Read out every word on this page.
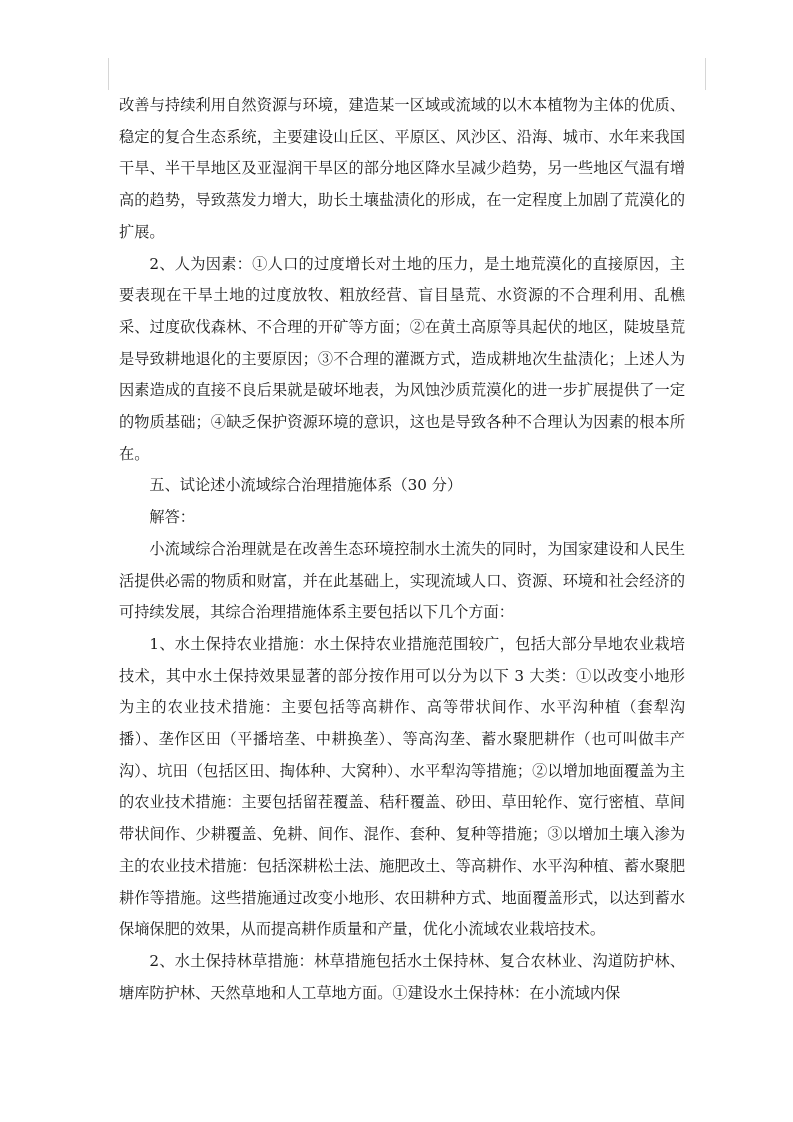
改善与持续利用自然资源与环境，建造某一区域或流域的以木本植物为主体的优质、稳定的复合生态系统，主要建设山丘区、平原区、风沙区、沿海、城市、水年来我国干旱、半干旱地区及亚湿润干旱区的部分地区降水呈减少趋势，另一些地区气温有增高的趋势，导致蒸发力增大，助长土壤盐渍化的形成，在一定程度上加剧了荒漠化的扩展。

2、人为因素：①人口的过度增长对土地的压力，是土地荒漠化的直接原因，主要表现在干旱土地的过度放牧、粗放经营、盲目垦荒、水资源的不合理利用、乱樵采、过度砍伐森林、不合理的开矿等方面；②在黄土高原等具起伏的地区，陡坡垦荒是导致耕地退化的主要原因；③不合理的灌溉方式，造成耕地次生盐渍化；上述人为因素造成的直接不良后果就是破坏地表，为风蚀沙质荒漠化的进一步扩展提供了一定的物质基础；④缺乏保护资源环境的意识，这也是导致各种不合理认为因素的根本所在。

五、试论述小流域综合治理措施体系（30 分）

解答：

小流域综合治理就是在改善生态环境控制水土流失的同时，为国家建设和人民生活提供必需的物质和财富，并在此基础上，实现流域人口、资源、环境和社会经济的可持续发展，其综合治理措施体系主要包括以下几个方面：

1、水土保持农业措施：水土保持农业措施范围较广，包括大部分旱地农业栽培技术，其中水土保持效果显著的部分按作用可以分为以下 3 大类：①以改变小地形为主的农业技术措施：主要包括等高耕作、高等带状间作、水平沟种植（套犁沟播）、垄作区田（平播培垄、中耕换垄）、等高沟垄、蓄水聚肥耕作（也可叫做丰产沟）、坑田（包括区田、掏体种、大窝种）、水平犁沟等措施；②以增加地面覆盖为主的农业技术措施：主要包括留茬覆盖、秸秆覆盖、砂田、草田轮作、宽行密植、草间带状间作、少耕覆盖、免耕、间作、混作、套种、复种等措施；③以增加土壤入渗为主的农业技术措施：包括深耕松土法、施肥改土、等高耕作、水平沟种植、蓄水聚肥耕作等措施。这些措施通过改变小地形、农田耕种方式、地面覆盖形式，以达到蓄水保墒保肥的效果，从而提高耕作质量和产量，优化小流域农业栽培技术。

2、水土保持林草措施：林草措施包括水土保持林、复合农林业、沟道防护林、塘库防护林、天然草地和人工草地方面。①建设水土保持林：在小流域内保
